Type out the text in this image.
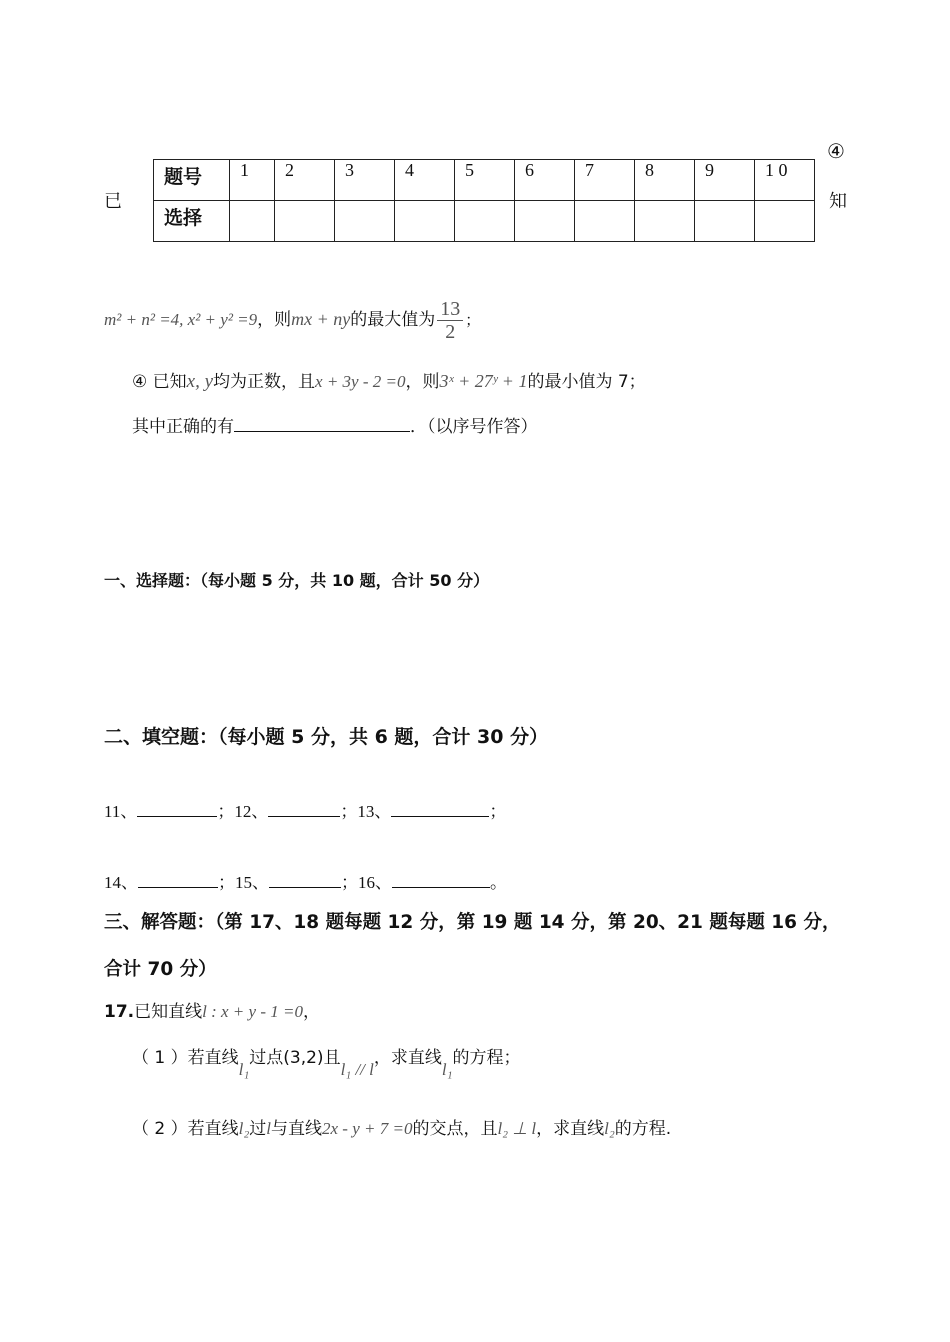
已
④
知
题号	1	2	3	4	5	6	7	8	9	1 0
选择										
m² + n² =4, x² + y² =9，则mx + ny的最大值为 $\frac{13}{2}$ ；
④ 已知x, y均为正数，且x + 3y - 2 =0，则3ˣ + 27ʸ + 1的最小值为 7；
其中正确的有	．（以序号作答）
一、选择题：（每小题 5 分，共 10 题，合计 50 分）
二、填空题：（每小题 5 分，共 6 题，合计 30 分）
11、	；12、	；13、	；
14、	；15、	；16、	。
三、解答题：（第 17、18 题每题 12 分，第 19 题 14 分，第 20、21 题每题 16 分，
合计 70 分）
17.已知直线l : x + y - 1 =0，
（ 1 ）若直线l₁过点(3,2)且l₁ // l，求直线l₁的方程；
（ 2 ）若直线l₂过l与直线2x - y + 7 =0的交点，且l₂ ⊥ l，求直线l₂的方程.
